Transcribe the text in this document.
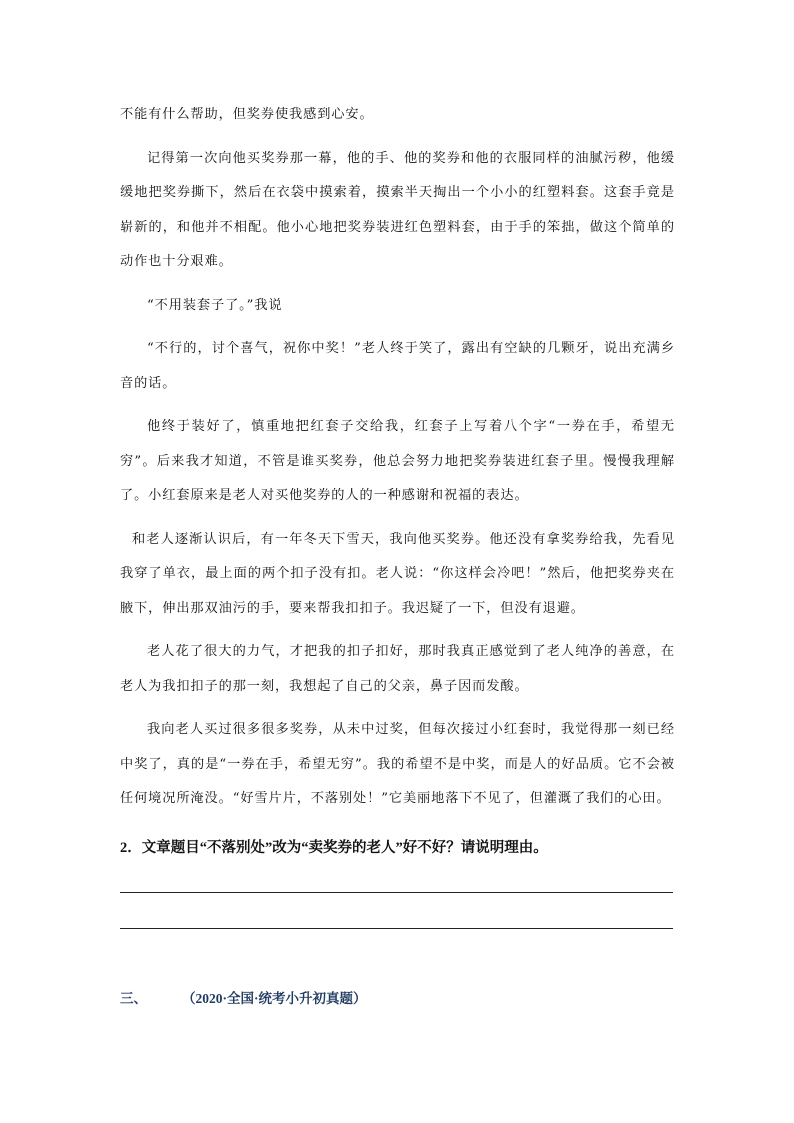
不能有什么帮助，但奖券使我感到心安。

记得第一次向他买奖券那一幕，他的手、他的奖券和他的衣服同样的油腻污秽，他缓缓地把奖券撕下，然后在衣袋中摸索着，摸索半天掏出一个小小的红塑料套。这套手竟是崭新的，和他并不相配。他小心地把奖券装进红色塑料套，由于手的笨拙，做这个简单的动作也十分艰难。

“不用装套子了。”我说

“不行的，讨个喜气，祝你中奖！”老人终于笑了，露出有空缺的几颗牙，说出充满乡音的话。

他终于装好了，慎重地把红套子交给我，红套子上写着八个字“一券在手，希望无穷”。后来我才知道，不管是谁买奖券，他总会努力地把奖券装进红套子里。慢慢我理解了。小红套原来是老人对买他奖券的人的一种感谢和祝福的表达。

和老人逐渐认识后，有一年冬天下雪天，我向他买奖券。他还没有拿奖券给我，先看见我穿了单衣，最上面的两个扣子没有扣。老人说：“你这样会冷吧！”然后，他把奖券夹在腋下，伸出那双油污的手，要来帮我扣扣子。我迟疑了一下，但没有退避。

老人花了很大的力气，才把我的扣子扣好，那时我真正感觉到了老人纯净的善意，在老人为我扣扣子的那一刻，我想起了自己的父亲，鼻子因而发酸。

我向老人买过很多很多奖券，从未中过奖，但每次接过小红套时，我觉得那一刻已经中奖了，真的是“一券在手，希望无穷”。我的希望不是中奖，而是人的好品质。它不会被任何境况所淹没。“好雪片片，不落别处！”它美丽地落下不见了，但灌溉了我们的心田。

2．文章题目“不落别处”改为“卖奖券的老人”好不好？请说明理由。

三、	（2020·全国·统考小升初真题）
